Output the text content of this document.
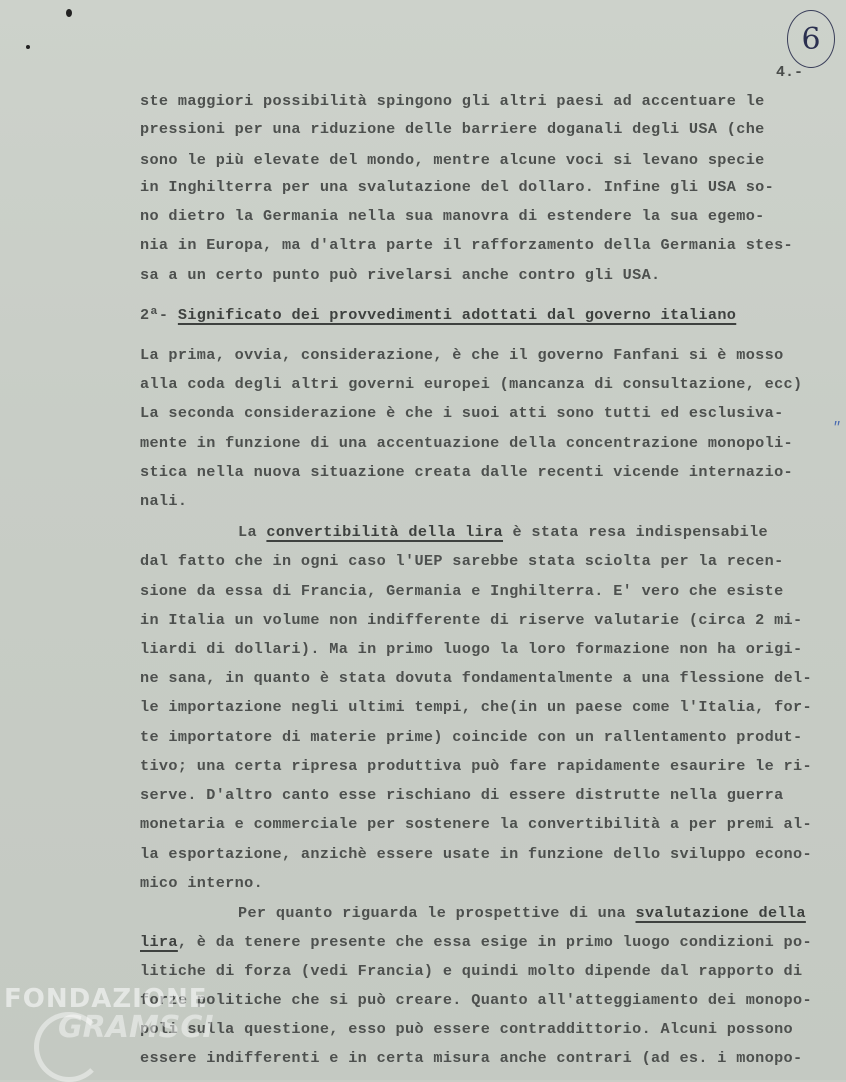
6
4.-
ste maggiori possibilità spingono gli altri paesi ad accentuare le
pressioni per una riduzione delle barriere doganali degli USA (che
sono le più elevate del mondo, mentre alcune voci si levano specie
in Inghilterra per una svalutazione del dollaro. Infine gli USA so-
no dietro la Germania nella sua manovra di estendere la sua egemo-
nia in Europa, ma d'altra parte il rafforzamento della Germania stes-
sa a un certo punto può rivelarsi anche contro gli USA.
2ª- Significato dei provvedimenti adottati dal governo italiano
La prima, ovvia, considerazione, è che il governo Fanfani si è mosso
alla coda degli altri governi europei (mancanza di consultazione, ecc)
La seconda considerazione è che i suoi atti sono tutti ed esclusiva-
mente in funzione di una accentuazione della concentrazione monopoli-
stica nella nuova situazione creata dalle recenti vicende internazio-
nali.
"
La convertibilità della lira è stata resa indispensabile
dal fatto che in ogni caso l'UEP sarebbe stata sciolta per la recen-
sione da essa di Francia, Germania e Inghilterra. E' vero che esiste
in Italia un volume non indifferente di riserve valutarie (circa 2 mi-
liardi di dollari). Ma in primo luogo la loro formazione non ha origi-
ne sana, in quanto è stata dovuta fondamentalmente a una flessione del-
le importazione negli ultimi tempi, che(in un paese come l'Italia, for-
te importatore di materie prime) coincide con un rallentamento produt-
tivo; una certa ripresa produttiva può fare rapidamente esaurire le ri-
serve. D'altro canto esse rischiano di essere distrutte nella guerra
monetaria e commerciale per sostenere la convertibilità a per premi al-
la esportazione, anzichè essere usate in funzione dello sviluppo econo-
mico interno.
Per quanto riguarda le prospettive di una svalutazione della
lira, è da tenere presente che essa esige in primo luogo condizioni po-
litiche di forza (vedi Francia) e quindi molto dipende dal rapporto di
forze politiche che si può creare. Quanto all'atteggiamento dei monopo-
poli sulla questione, esso può essere contraddittorio. Alcuni possono
essere indifferenti e in certa misura anche contrari (ad es. i monopo-
FONDAZIONE
GRAMSCI
